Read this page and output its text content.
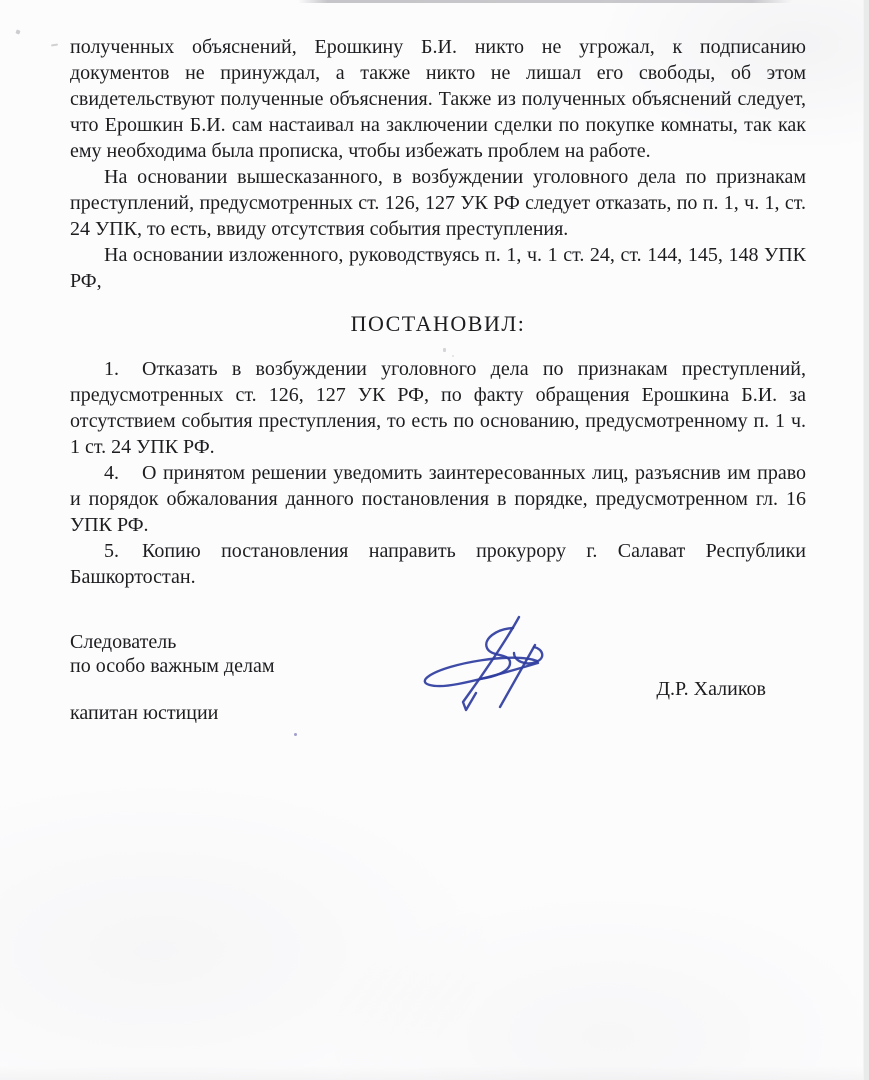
полученных объяснений, Ерошкину Б.И. никто не угрожал, к подписанию документов не принуждал, а также никто не лишал его свободы, об этом свидетельствуют полученные объяснения. Также из полученных объяснений следует, что Ерошкин Б.И. сам настаивал на заключении сделки по покупке комнаты, так как ему необходима была прописка, чтобы избежать проблем на работе.

На основании вышесказанного, в возбуждении уголовного дела по признакам преступлений, предусмотренных ст. 126, 127 УК РФ следует отказать, по п. 1, ч. 1, ст. 24 УПК, то есть, ввиду отсутствия события преступления.

На основании изложенного, руководствуясь п. 1, ч. 1 ст. 24, ст. 144, 145, 148 УПК РФ,

ПОСТАНОВИЛ:

1. Отказать в возбуждении уголовного дела по признакам преступлений, предусмотренных ст. 126, 127 УК РФ, по факту обращения Ерошкина Б.И. за отсутствием события преступления, то есть по основанию, предусмотренному п. 1 ч. 1 ст. 24 УПК РФ.

4. О принятом решении уведомить заинтересованных лиц, разъяснив им право и порядок обжалования данного постановления в порядке, предусмотренном гл. 16 УПК РФ.

5. Копию постановления направить прокурору г. Салават Республики Башкортостан.

Следователь
по особо важным делам
капитан юстиции
Д.Р. Халиков
